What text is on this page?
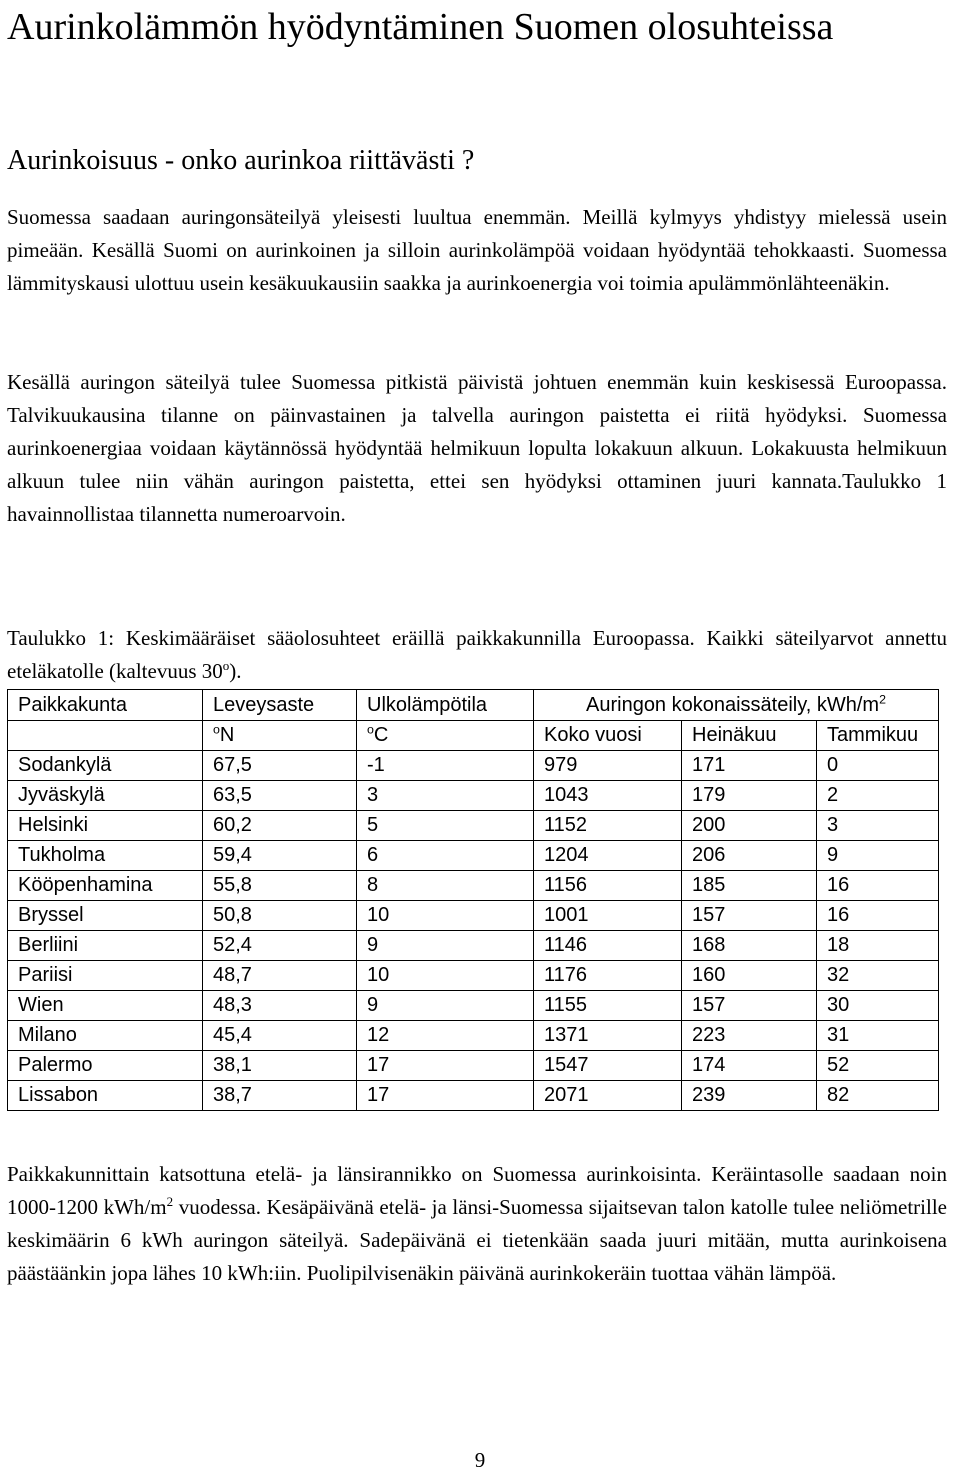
Aurinkolämmön hyödyntäminen Suomen olosuhteissa
Aurinkoisuus - onko aurinkoa riittävästi ?

Suomessa saadaan auringonsäteilyä yleisesti luultua enemmän. Meillä kylmyys yhdistyy mielessä usein pimeään. Kesällä Suomi on aurinkoinen ja silloin aurinkolämpöä voidaan hyödyntää tehokkaasti. Suomessa lämmityskausi ulottuu usein kesäkuukausiin saakka ja aurinkoenergia voi toimia apulämmönlähteenäkin.

Kesällä auringon säteilyä tulee Suomessa pitkistä päivistä johtuen enemmän kuin keskisessä Euroopassa. Talvikuukausina tilanne on päinvastainen ja talvella auringon paistetta ei riitä hyödyksi. Suomessa aurinkoenergiaa voidaan käytännössä hyödyntää helmikuun lopulta lokakuun alkuun. Lokakuusta helmikuun alkuun tulee niin vähän auringon paistetta, ettei sen hyödyksi ottaminen juuri kannata.Taulukko 1 havainnollistaa tilannetta numeroarvoin.

Taulukko 1: Keskimääräiset sääolosuhteet eräillä paikkakunnilla Euroopassa. Kaikki säteilyarvot annettu eteläkatolle (kaltevuus 30$^o$).

Paikkakunta	Leveysaste	Ulkolämpötila	Auringon kokonaissäteily, kWh/$m^2$
	$^o$N	$^o$C	Koko vuosi	Heinäkuu	Tammikuu
Sodankylä	67,5	-1	979	171	0
Jyväskylä	63,5	3	1043	179	2
Helsinki	60,2	5	1152	200	3
Tukholma	59,4	6	1204	206	9
Kööpenhamina	55,8	8	1156	185	16
Bryssel	50,8	10	1001	157	16
Berliini	52,4	9	1146	168	18
Pariisi	48,7	10	1176	160	32
Wien	48,3	9	1155	157	30
Milano	45,4	12	1371	223	31
Palermo	38,1	17	1547	174	52
Lissabon	38,7	17	2071	239	82

Paikkakunnittain katsottuna etelä- ja länsirannikko on Suomessa aurinkoisinta. Keräintasolle saadaan noin 1000-1200 kWh/$m^2$ vuodessa. Kesäpäivänä etelä- ja länsi-Suomessa sijaitsevan talon katolle tulee neliömetrille keskimäärin 6 kWh auringon säteilyä. Sadepäivänä ei tietenkään saada juuri mitään, mutta aurinkoisena päästäänkin jopa lähes 10 kWh:iin. Puolipilvisenäkin päivänä aurinkokeräin tuottaa vähän lämpöä.

9
